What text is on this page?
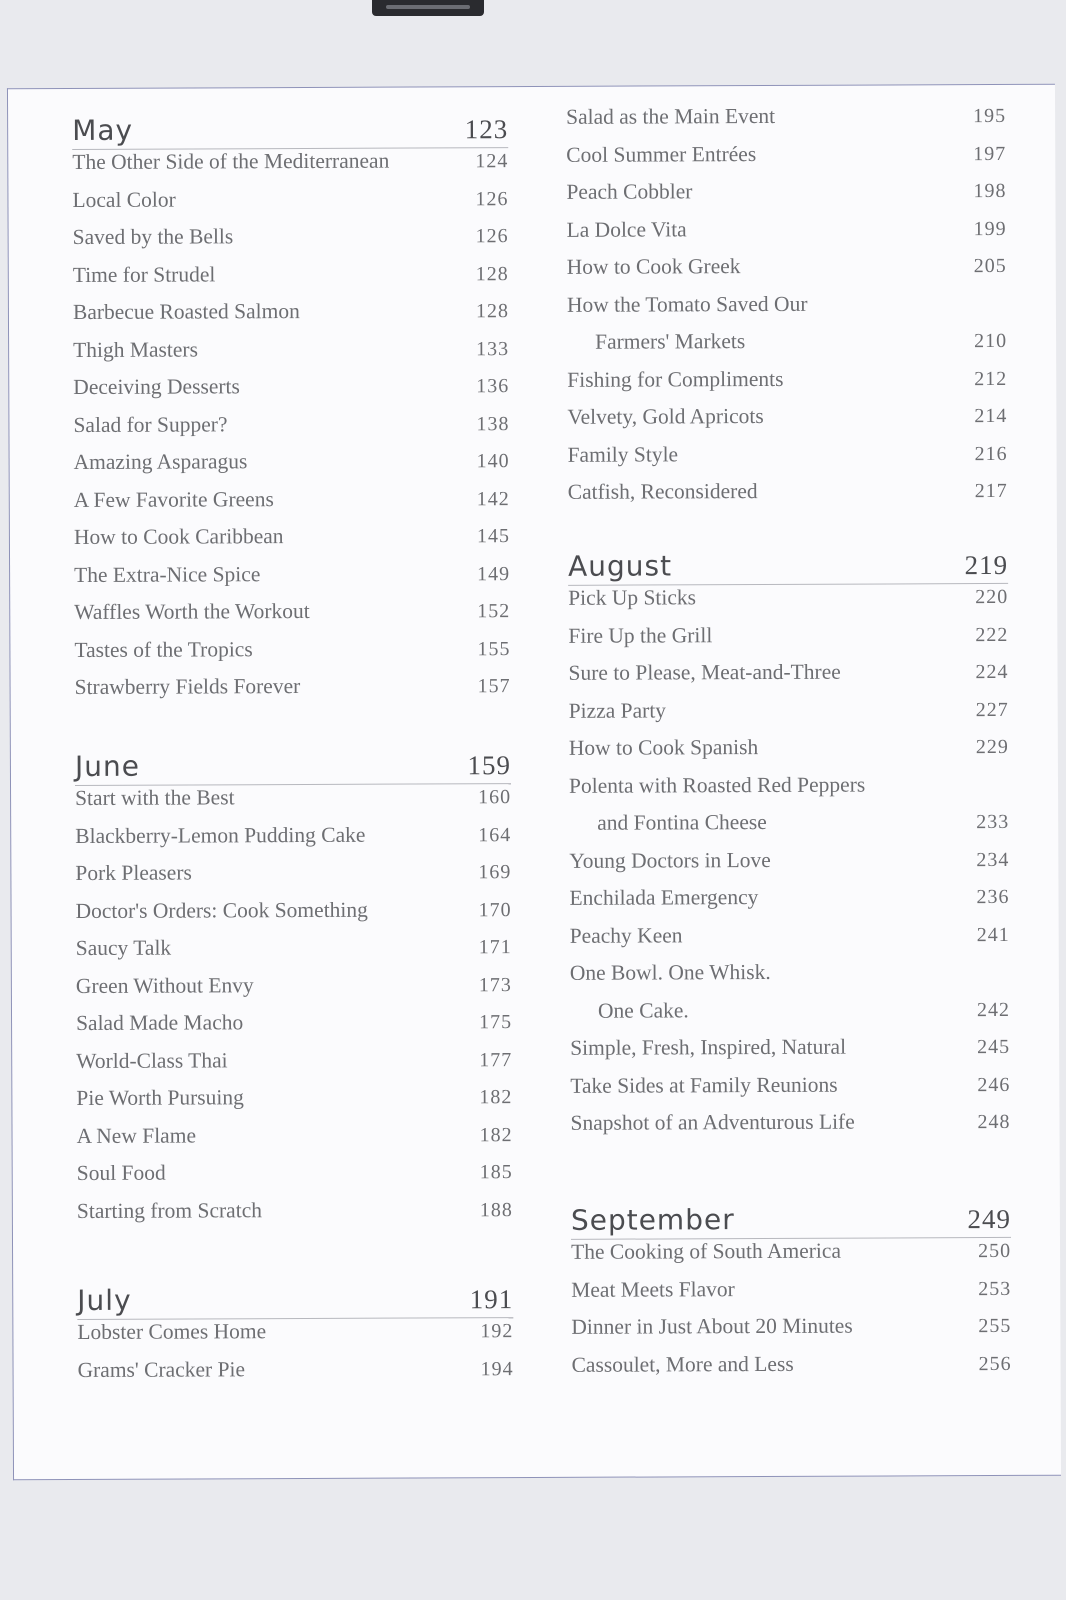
May	123
The Other Side of the Mediterranean	124
Local Color	126
Saved by the Bells	126
Time for Strudel	128
Barbecue Roasted Salmon	128
Thigh Masters	133
Deceiving Desserts	136
Salad for Supper?	138
Amazing Asparagus	140
A Few Favorite Greens	142
How to Cook Caribbean	145
The Extra-Nice Spice	149
Waffles Worth the Workout	152
Tastes of the Tropics	155
Strawberry Fields Forever	157
June	159
Start with the Best	160
Blackberry-Lemon Pudding Cake	164
Pork Pleasers	169
Doctor's Orders: Cook Something	170
Saucy Talk	171
Green Without Envy	173
Salad Made Macho	175
World-Class Thai	177
Pie Worth Pursuing	182
A New Flame	182
Soul Food	185
Starting from Scratch	188
July	191
Lobster Comes Home	192
Grams' Cracker Pie	194
Salad as the Main Event	195
Cool Summer Entrées	197
Peach Cobbler	198
La Dolce Vita	199
How to Cook Greek	205
How the Tomato Saved Our
Farmers' Markets	210
Fishing for Compliments	212
Velvety, Gold Apricots	214
Family Style	216
Catfish, Reconsidered	217
August	219
Pick Up Sticks	220
Fire Up the Grill	222
Sure to Please, Meat-and-Three	224
Pizza Party	227
How to Cook Spanish	229
Polenta with Roasted Red Peppers
and Fontina Cheese	233
Young Doctors in Love	234
Enchilada Emergency	236
Peachy Keen	241
One Bowl. One Whisk.
One Cake.	242
Simple, Fresh, Inspired, Natural	245
Take Sides at Family Reunions	246
Snapshot of an Adventurous Life	248
September	249
The Cooking of South America	250
Meat Meets Flavor	253
Dinner in Just About 20 Minutes	255
Cassoulet, More and Less	256
